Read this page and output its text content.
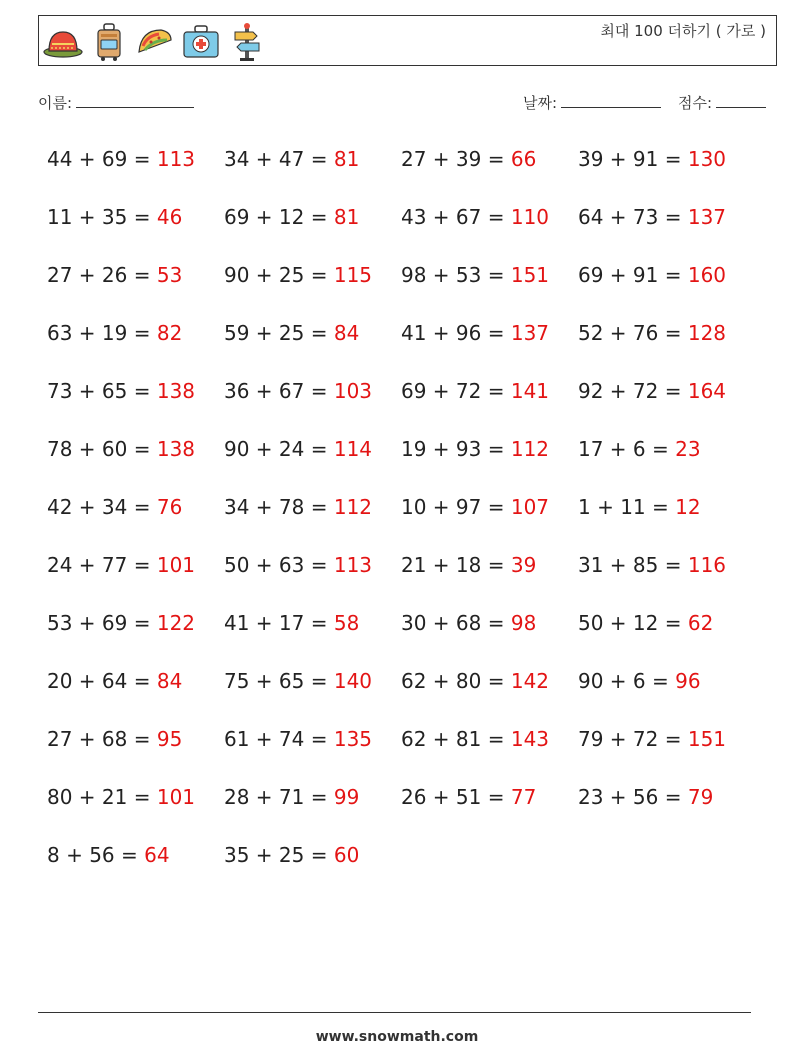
최대 100 더하기 ( 가로 )
이름:	날짜:	점수:
44 + 69 = 113
11 + 35 = 46
27 + 26 = 53
63 + 19 = 82
73 + 65 = 138
78 + 60 = 138
42 + 34 = 76
24 + 77 = 101
53 + 69 = 122
20 + 64 = 84
27 + 68 = 95
80 + 21 = 101
8 + 56 = 64
34 + 47 = 81
69 + 12 = 81
90 + 25 = 115
59 + 25 = 84
36 + 67 = 103
90 + 24 = 114
34 + 78 = 112
50 + 63 = 113
41 + 17 = 58
75 + 65 = 140
61 + 74 = 135
28 + 71 = 99
35 + 25 = 60
27 + 39 = 66
43 + 67 = 110
98 + 53 = 151
41 + 96 = 137
69 + 72 = 141
19 + 93 = 112
10 + 97 = 107
21 + 18 = 39
30 + 68 = 98
62 + 80 = 142
62 + 81 = 143
26 + 51 = 77
39 + 91 = 130
64 + 73 = 137
69 + 91 = 160
52 + 76 = 128
92 + 72 = 164
17 + 6 = 23
1 + 11 = 12
31 + 85 = 116
50 + 12 = 62
90 + 6 = 96
79 + 72 = 151
23 + 56 = 79
www.snowmath.com
